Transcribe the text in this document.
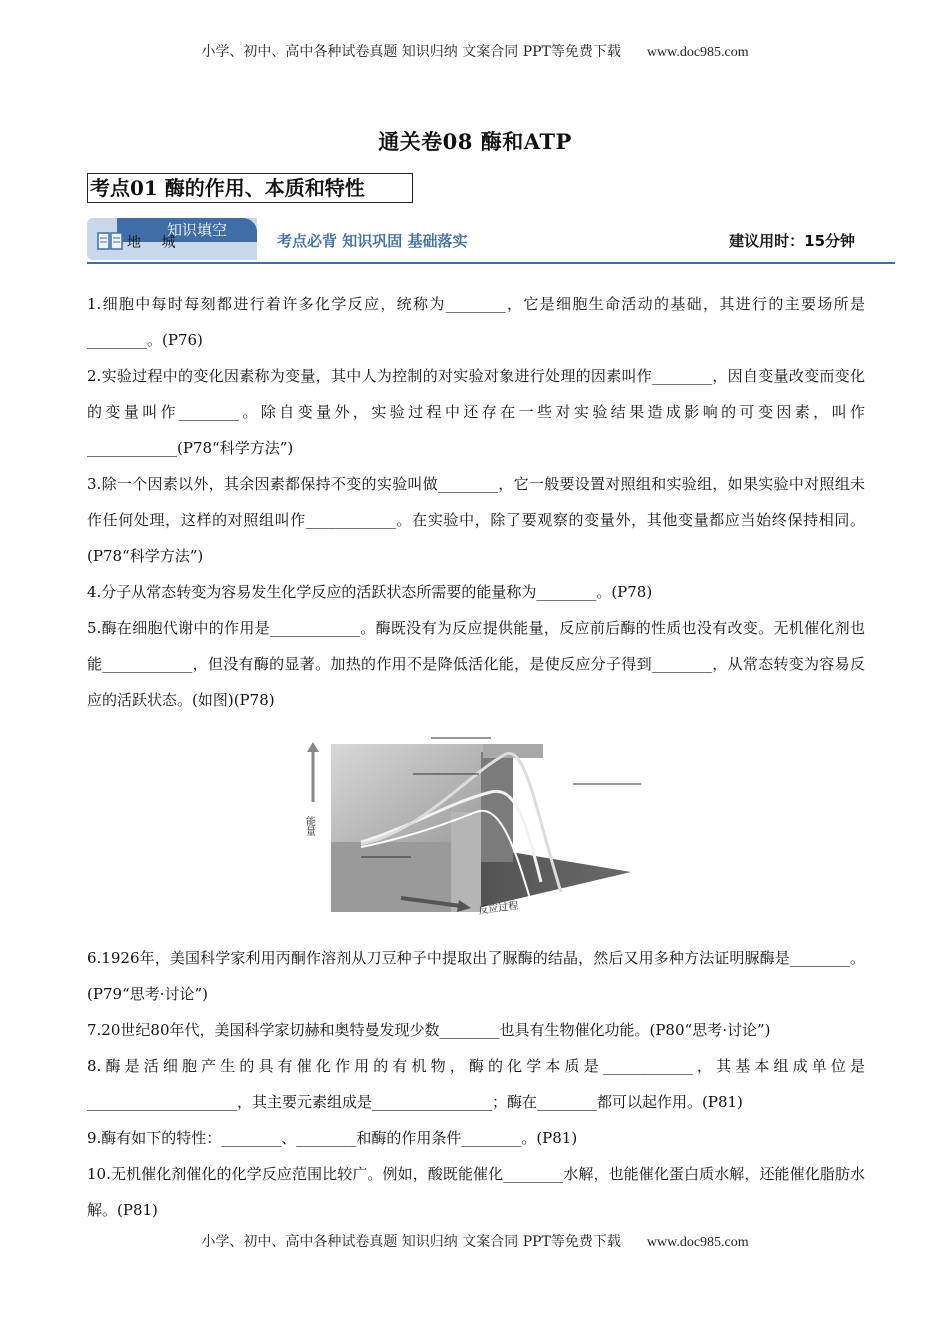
小学、初中、高中各种试卷真题 知识归纳 文案合同 PPT等免费下载 www.doc985.com
通关卷08 酶和ATP
考点01 酶的作用、本质和特性
知识填空
地 城	考点必背 知识巩固 基础落实	建议用时：15分钟

1.细胞中每时每刻都进行着许多化学反应，统称为________，它是细胞生命活动的基础，其进行的主要场所是________。(P76)

2.实验过程中的变化因素称为变量，其中人为控制的对实验对象进行处理的因素叫作________，因自变量改变而变化的变量叫作________。除自变量外，实验过程中还存在一些对实验结果造成影响的可变因素，叫作____________(P78“科学方法”)

3.除一个因素以外，其余因素都保持不变的实验叫做________，它一般要设置对照组和实验组，如果实验中对照组未作任何处理，这样的对照组叫作____________。在实验中，除了要观察的变量外，其他变量都应当始终保持相同。(P78“科学方法”)

4.分子从常态转变为容易发生化学反应的活跃状态所需要的能量称为________。(P78)

5.酶在细胞代谢中的作用是____________。酶既没有为反应提供能量，反应前后酶的性质也没有改变。无机催化剂也能____________，但没有酶的显著。加热的作用不是降低活化能，是使反应分子得到________，从常态转变为容易反应的活跃状态。(如图)(P78)

6.1926年，美国科学家利用丙酮作溶剂从刀豆种子中提取出了脲酶的结晶，然后又用多种方法证明脲酶是________。(P79“思考·讨论”)

7.20世纪80年代，美国科学家切赫和奥特曼发现少数________也具有生物催化功能。(P80“思考·讨论”)

8.酶是活细胞产生的具有催化作用的有机物，酶的化学本质是____________，其基本组成单位是____________________，其主要元素组成是________________；酶在________都可以起作用。(P81)

9.酶有如下的特性：________、________和酶的作用条件________。(P81)

10.无机催化剂催化的化学反应范围比较广。例如，酸既能催化________水解，也能催化蛋白质水解，还能催化脂肪水解。(P81)

能量
反应过程
小学、初中、高中各种试卷真题 知识归纳 文案合同 PPT等免费下载 www.doc985.com
